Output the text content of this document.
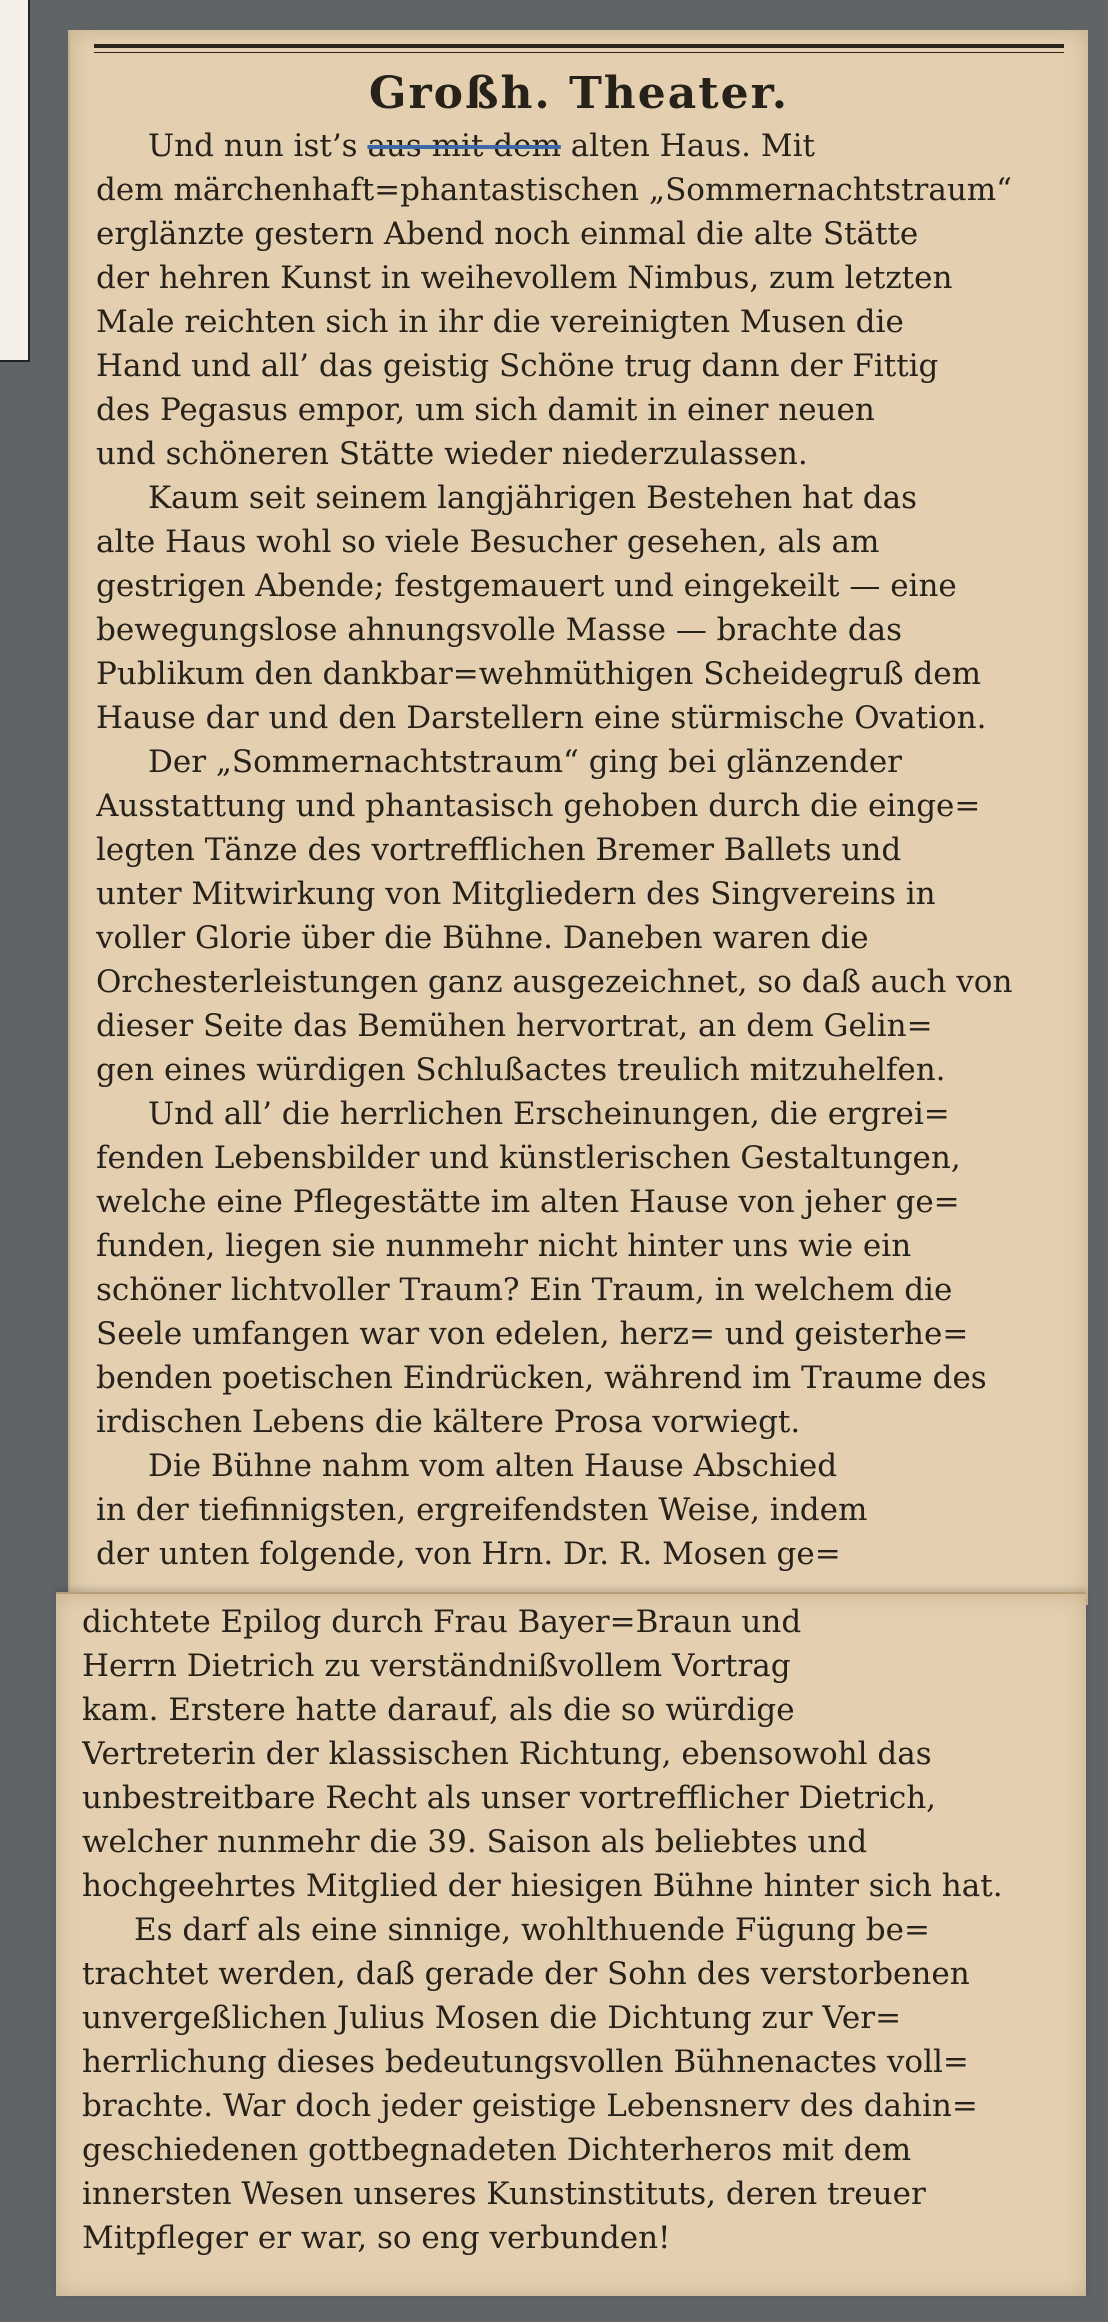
Großh. Theater.
Und nun ist’s aus mit dem alten Haus. Mit
dem märchenhaft=phantastischen „Sommernachtstraum“
erglänzte gestern Abend noch einmal die alte Stätte
der hehren Kunst in weihevollem Nimbus, zum letzten
Male reichten sich in ihr die vereinigten Musen die
Hand und all’ das geistig Schöne trug dann der Fittig
des Pegasus empor, um sich damit in einer neuen
und schöneren Stätte wieder niederzulassen.
Kaum seit seinem langjährigen Bestehen hat das
alte Haus wohl so viele Besucher gesehen, als am
gestrigen Abende; festgemauert und eingekeilt — eine
bewegungslose ahnungsvolle Masse — brachte das
Publikum den dankbar=wehmüthigen Scheidegruß dem
Hause dar und den Darstellern eine stürmische Ovation.
Der „Sommernachtstraum“ ging bei glänzender
Ausstattung und phantasisch gehoben durch die einge=
legten Tänze des vortrefflichen Bremer Ballets und
unter Mitwirkung von Mitgliedern des Singvereins in
voller Glorie über die Bühne. Daneben waren die
Orchesterleistungen ganz ausgezeichnet, so daß auch von
dieser Seite das Bemühen hervortrat, an dem Gelin=
gen eines würdigen Schlußactes treulich mitzuhelfen.
Und all’ die herrlichen Erscheinungen, die ergrei=
fenden Lebensbilder und künstlerischen Gestaltungen,
welche eine Pflegestätte im alten Hause von jeher ge=
funden, liegen sie nunmehr nicht hinter uns wie ein
schöner lichtvoller Traum? Ein Traum, in welchem die
Seele umfangen war von edelen, herz= und geisterhe=
benden poetischen Eindrücken, während im Traume des
irdischen Lebens die kältere Prosa vorwiegt.
Die Bühne nahm vom alten Hause Abschied
in der tiefinnigsten, ergreifendsten Weise, indem
der unten folgende, von Hrn. Dr. R. Mosen ge=
dichtete Epilog durch Frau Bayer=Braun und
Herrn Dietrich zu verständnißvollem Vortrag
kam. Erstere hatte darauf, als die so würdige
Vertreterin der klassischen Richtung, ebensowohl das
unbestreitbare Recht als unser vortrefflicher Dietrich,
welcher nunmehr die 39. Saison als beliebtes und
hochgeehrtes Mitglied der hiesigen Bühne hinter sich hat.
Es darf als eine sinnige, wohlthuende Fügung be=
trachtet werden, daß gerade der Sohn des verstorbenen
unvergeßlichen Julius Mosen die Dichtung zur Ver=
herrlichung dieses bedeutungsvollen Bühnenactes voll=
brachte. War doch jeder geistige Lebensnerv des dahin=
geschiedenen gottbegnadeten Dichterheros mit dem
innersten Wesen unseres Kunstinstituts, deren treuer
Mitpfleger er war, so eng verbunden!
